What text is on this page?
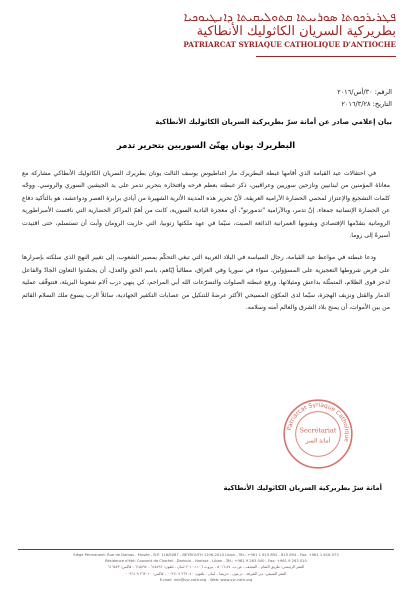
ܦܛܪܝܪܟܘܬܐ ܣܘܪܝܝܬܐ ܩܬܘܠܝܩܝܬܐ ܕܐܢܛܝܘܟܝܐ
بطريركية السريان الكاثوليك الأنطاكية
PATRIARCAT SYRIAQUE CATHOLIQUE D'ANTIOCHE
الرقم: ٣٠/أس/٢٠١٦
التاريخ: ٢٠١٦/٣/٢٨
بيان إعلامي صادر عن أمانة سرّ بطريركية السريان الكاثوليك الأنطاكية
البطريرك يونان يهنّئ السوريين بتحرير تدمر

في احتفالات عيد القيامة الذي أقامها غبطة البطريرك مار اغناطيوس يوسف الثالث يونان بطريرك السريان الكاثوليك الأنطاكي مشاركة مع معاناة المؤمنين من لبنانيين ونازحين سوريين وعراقيين، ذكر غبطته بعظم فرحه وافتخاره بتحرير تدمر على يد الجيشين السوري والروسي. ووجّه كلمات التشجيع والإعتزاز لمحمي الحضارة الآرامية العريقة، لأنّ تحرير هذه المدينة الأثرية الشهيرة من أيادي برابرة العصر ودواعشه، هو بالتأكيد دفاع عن الحضارة الإنسانية جمعاء. إنّ تدمر، وبالآرامية "تدمورتو"، أي معجزة البادية السورية، كانت من أهمّ المراكز الحضارية التي نافست الأمبراطورية الرومانية بتقدّمها الإقتصادي وبفنونها العمرانية الذائعة الصيت، سيّما في عهد ملكتها زنوبيا، التي حاربت الرومان وأبت أن تستسلم، حتى اقتيدت أسيرةً إلى روما.

ودعا غبطته في مواعظ عيد القيامة، رجال السياسة في البلاد الغربية التي تبغي التحكّم بمصير الشعوب، إلى تغيير النهج الذي سلكته بإصرارها على فرض شروطها التعجيزية على المسؤولين، سواء في سوريا وفي العراق، مطالباً إيّاهم، باسم الحق والعدل، أن يجسّدوا التعاون الجادّ والفاعل لدحر قوى الظلام، المتمثّلة بداعش ومثيلاتها. ورفع غبطته الصلوات والتضرّعات الله أبي المراحم، كي ينهي درب آلام شعوبنا البريئة، فتتوقّف عملية الدمار والقتل ونزيف الهجرة، سيّما لدى المكوّن المسيحي الأكثر عرضةً للتنكيل من عصابات التكفير الجهادية، سائلاً الرب يسوع ملك السلام القائم من بين الأموات، أن يمنح بلاد الشرق والعالم أمنه وسلامه.

Patriarcat Syriaque Catholique
Secrétariat
أمانة السر
أمانة سرّ بطريركية السريان الكاثوليك الأنطاكية
Siège Permanent: Rue de Damas - Musée - B.P. 116/5087 - BEYROUTH 1106-2010 Liban - Tél.: +961 1 615 892 - 615 894 - Fax: +961 1 616 573
Résidence d'été: Couvent de Charfet - Darioun - Harissa - Liban - Tél.: +961 9 263 040 - Fax: +961 9 263 010
المقر الرئيسي: طريق الشام - المتحف - ص.ب. ٨٧-٥٠١٦ - بيروت ١١٠٦-٢٠١٠ لبنان - تلفون: ٦١٥٨٩٢ - ٦١٥٨٩٤ - فاكس: ٦١٦٥٧٣
المقر الصيفي: دير الشرفة - درعون - حريصا - لبنان - تلفون: ٢٦٣٠٤٠ ٩ ٠٠٩٦١ - فاكس: ٢٦٣٠١٠ ٩ ٠٠٩٦١
E-mail: info@syr-cath.org - Web: www.syr-cath.org
